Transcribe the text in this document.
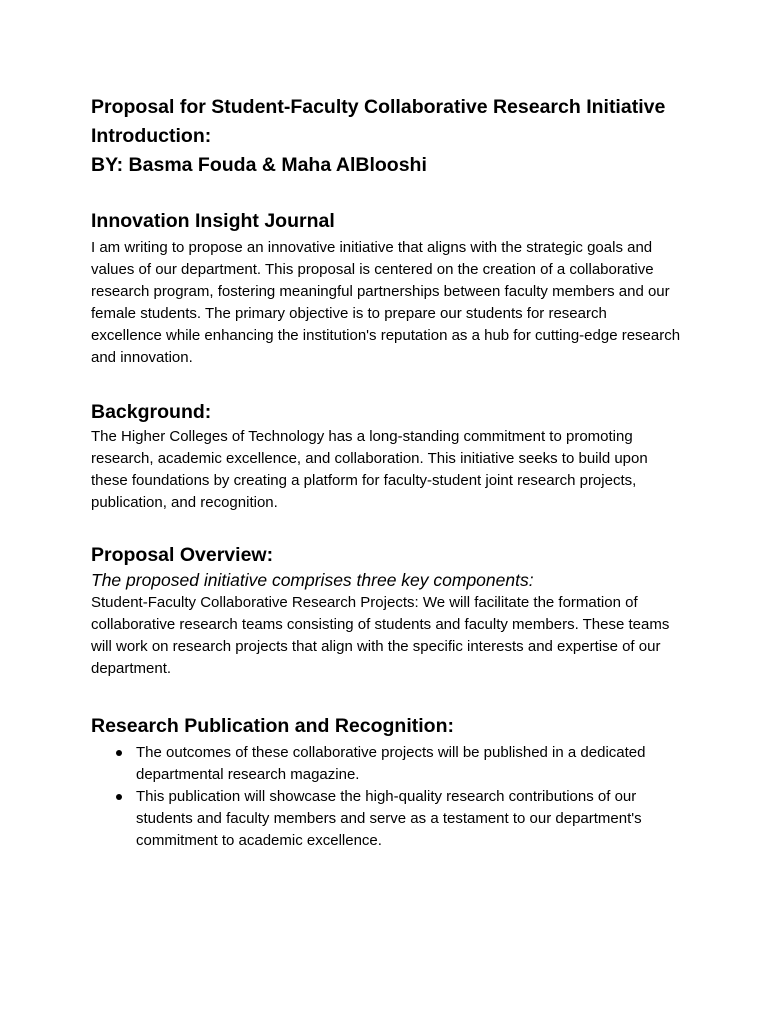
Proposal for Student-Faculty Collaborative Research Initiative

Introduction:

BY: Basma Fouda & Maha AlBlooshi

Innovation Insight Journal

I am writing to propose an innovative initiative that aligns with the strategic goals and values of our department. This proposal is centered on the creation of a collaborative research program, fostering meaningful partnerships between faculty members and our female students. The primary objective is to prepare our students for research excellence while enhancing the institution's reputation as a hub for cutting-edge research and innovation.

Background:

The Higher Colleges of Technology has a long-standing commitment to promoting research, academic excellence, and collaboration. This initiative seeks to build upon these foundations by creating a platform for faculty-student joint research projects, publication, and recognition.

Proposal Overview:

The proposed initiative comprises three key components:

Student-Faculty Collaborative Research Projects: We will facilitate the formation of collaborative research teams consisting of students and faculty members. These teams will work on research projects that align with the specific interests and expertise of our department.

Research Publication and Recognition:

The outcomes of these collaborative projects will be published in a dedicated departmental research magazine.
This publication will showcase the high-quality research contributions of our students and faculty members and serve as a testament to our department's commitment to academic excellence.
